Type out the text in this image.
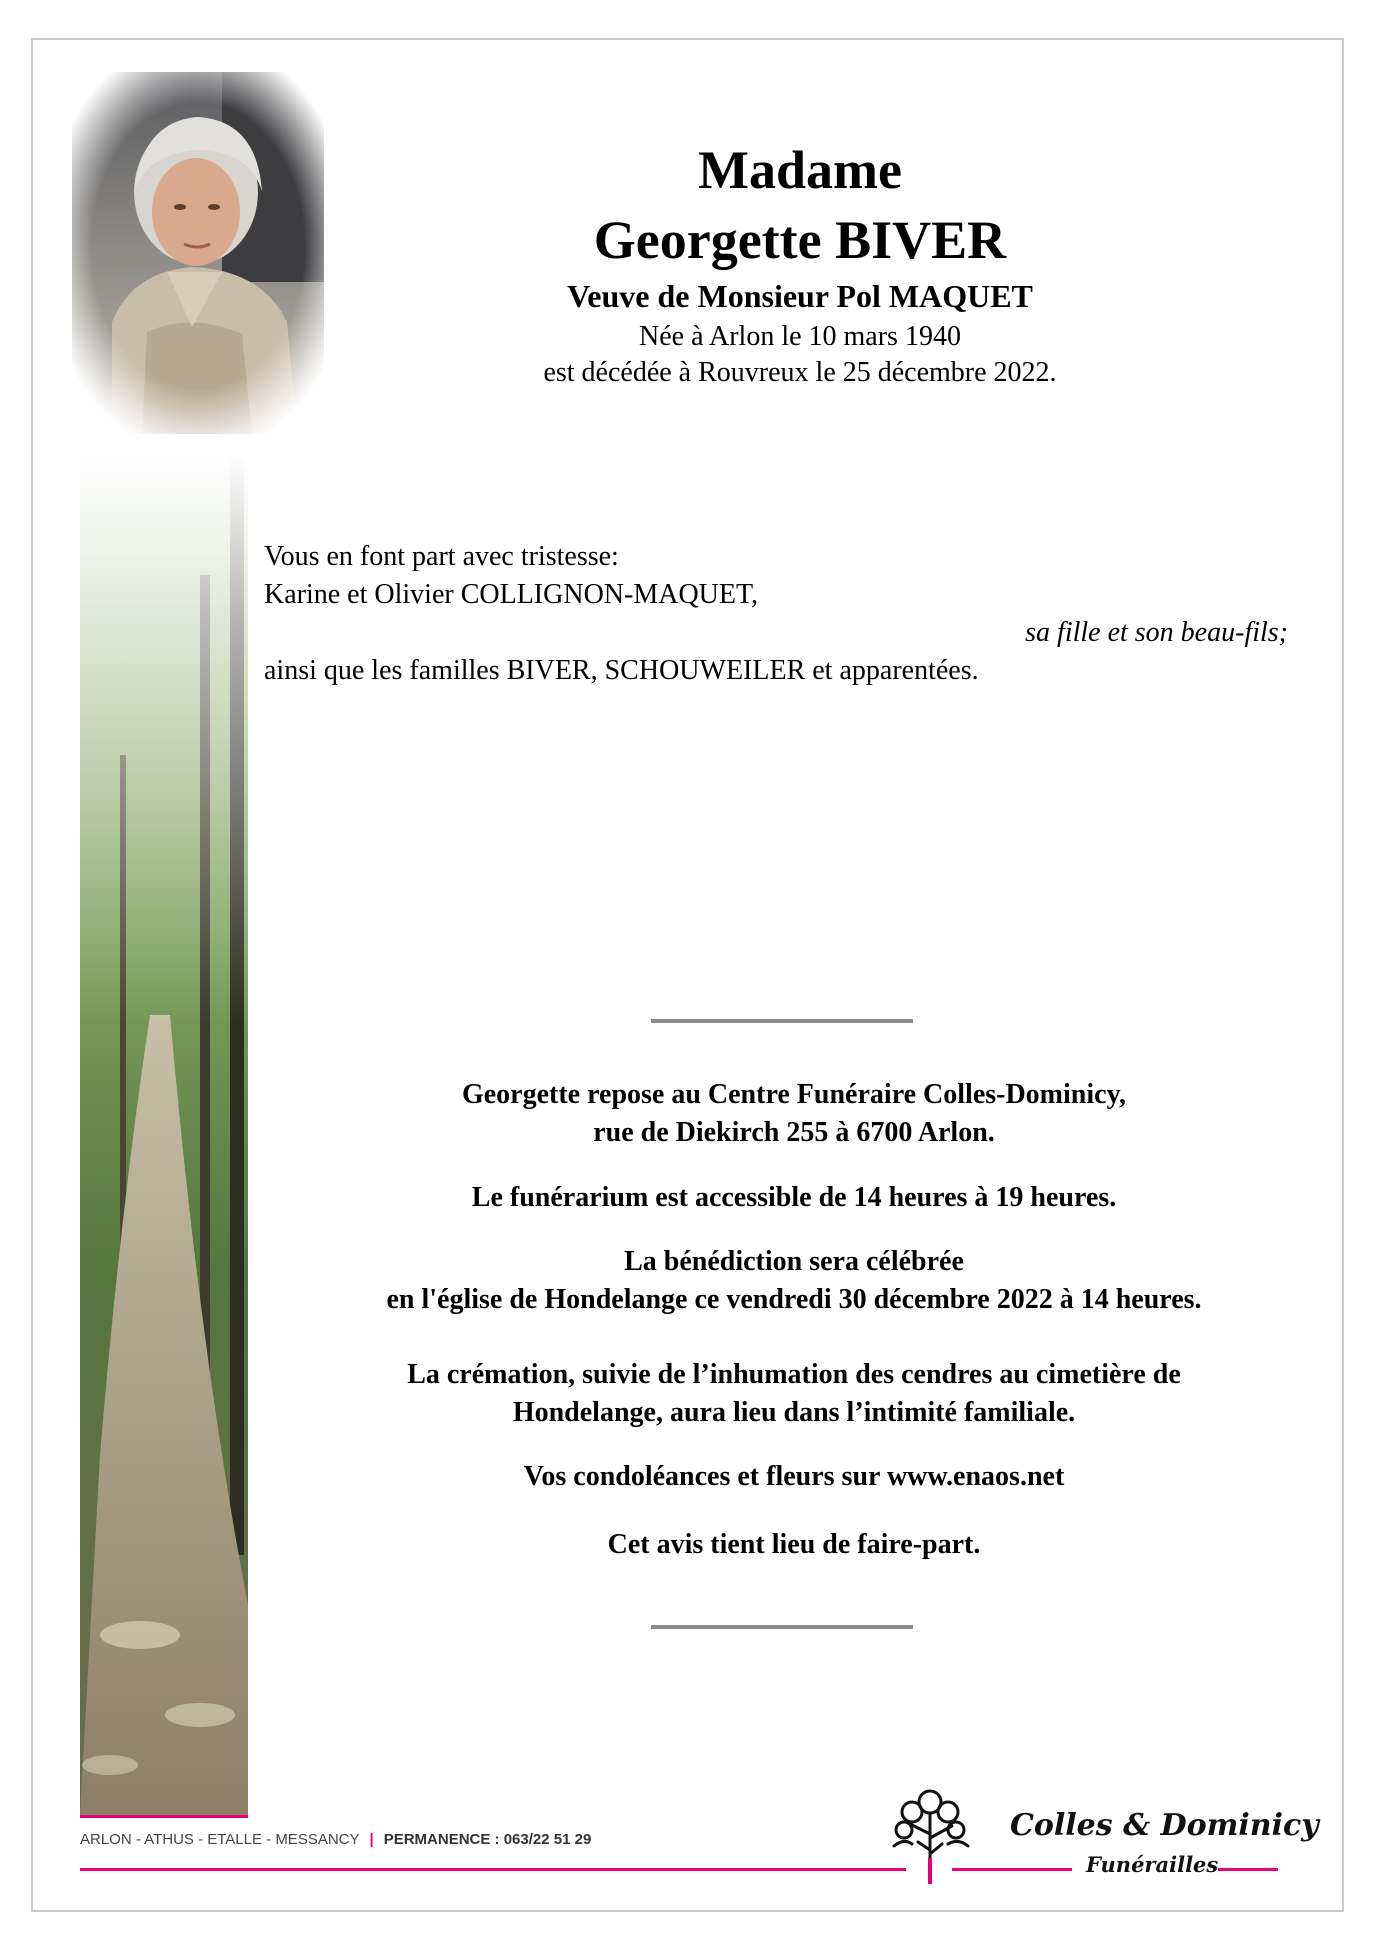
Madame
Georgette BIVER
Veuve de Monsieur Pol MAQUET
Née à Arlon le 10 mars 1940
est décédée à Rouvreux le 25 décembre 2022.
Vous en font part avec tristesse:
Karine et Olivier COLLIGNON-MAQUET,
sa fille et son beau-fils;
ainsi que les familles BIVER, SCHOUWEILER et apparentées.
Georgette repose au Centre Funéraire Colles-Dominicy,
rue de Diekirch 255 à 6700 Arlon.
Le funérarium est accessible de 14 heures à 19 heures.
La bénédiction sera célébrée
en l'église de Hondelange ce vendredi 30 décembre 2022 à 14 heures.
La crémation, suivie de l’inhumation des cendres au cimetière de
Hondelange, aura lieu dans l’intimité familiale.
Vos condoléances et fleurs sur www.enaos.net
Cet avis tient lieu de faire-part.
ARLON - ATHUS - ETALLE - MESSANCY | PERMANENCE : 063/22 51 29	Colles & Dominicy
Funérailles
